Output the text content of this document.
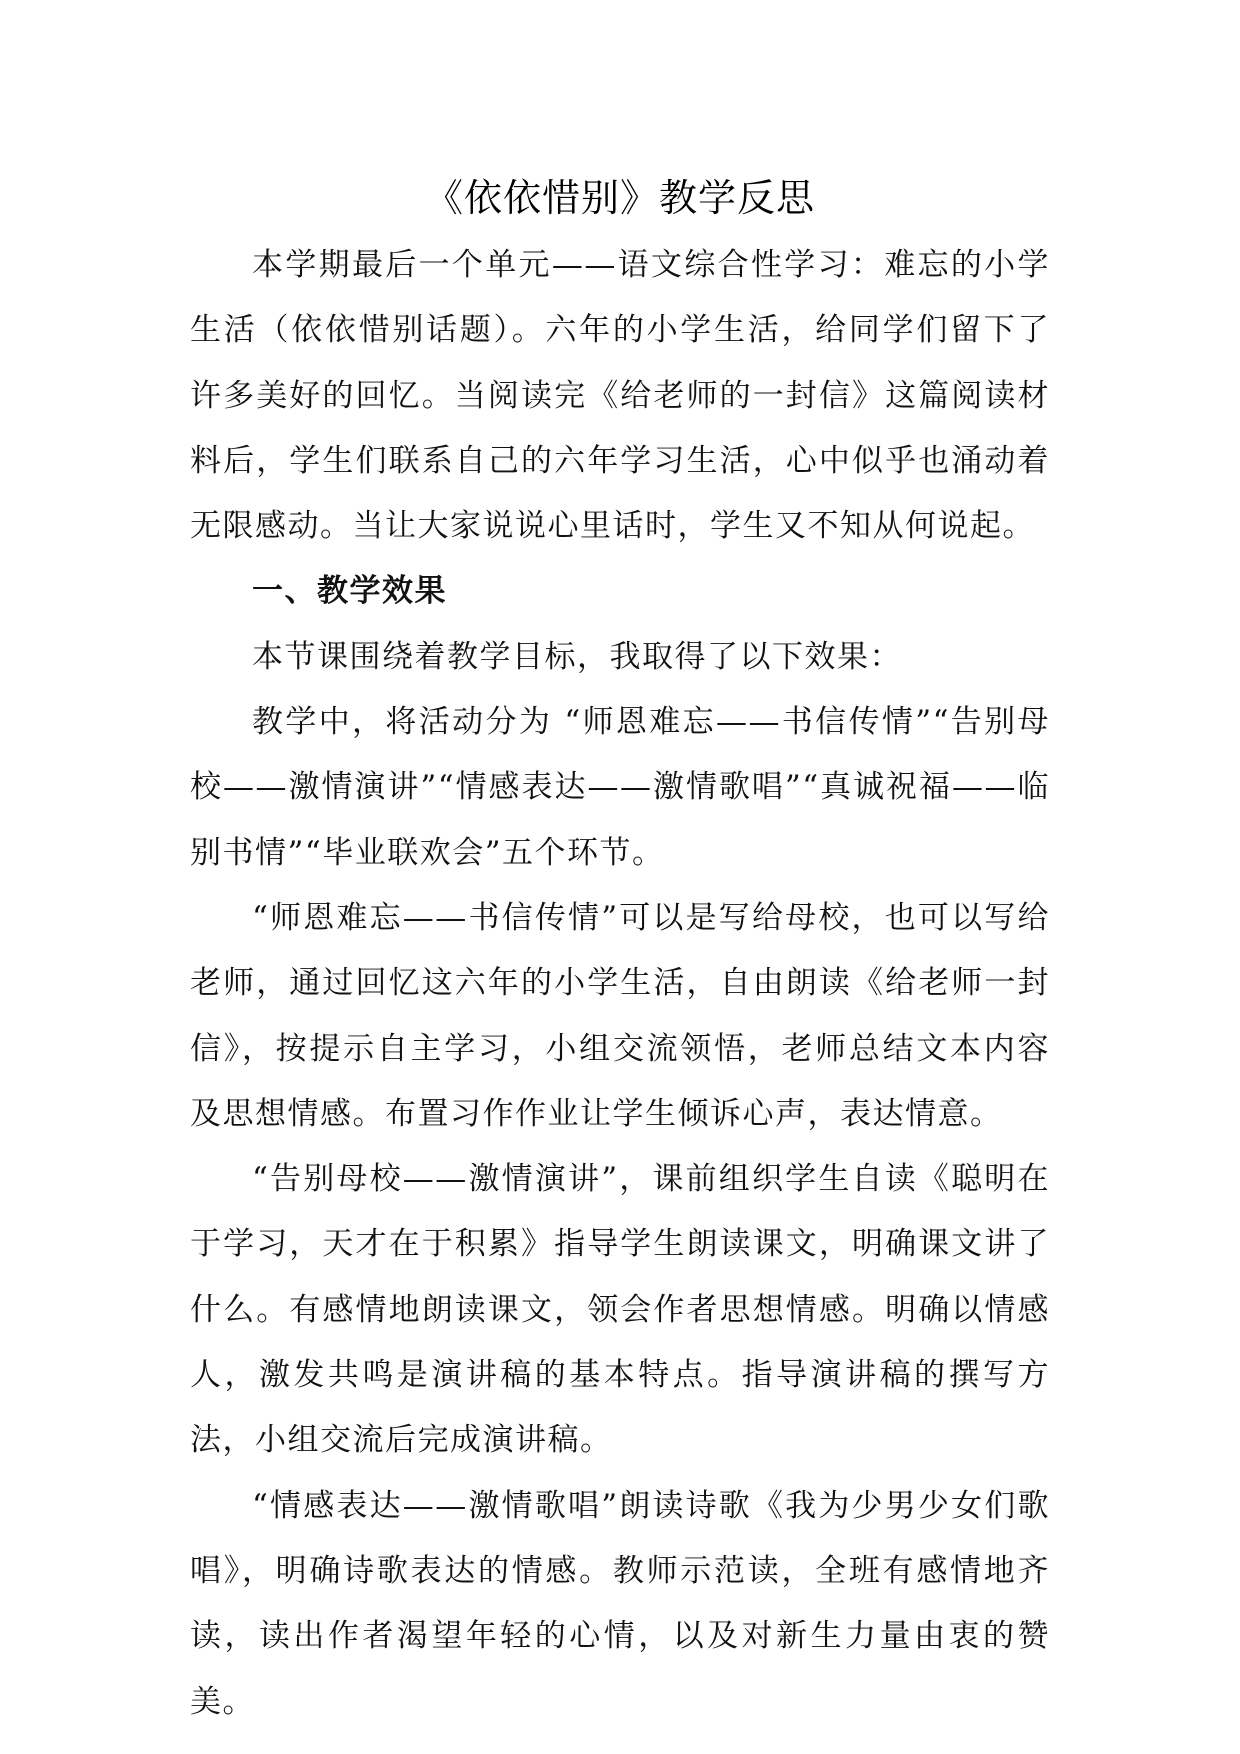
《依依惜别》教学反思

本学期最后一个单元——语文综合性学习：难忘的小学生活（依依惜别话题）。六年的小学生活，给同学们留下了许多美好的回忆。当阅读完《给老师的一封信》这篇阅读材料后，学生们联系自己的六年学习生活，心中似乎也涌动着无限感动。当让大家说说心里话时，学生又不知从何说起。

一、教学效果

本节课围绕着教学目标，我取得了以下效果：

教学中，将活动分为 “师恩难忘——书信传情”“告别母校——激情演讲”“情感表达——激情歌唱”“真诚祝福——临别书情”“毕业联欢会”五个环节。

“师恩难忘——书信传情”可以是写给母校，也可以写给老师，通过回忆这六年的小学生活，自由朗读《给老师一封信》，按提示自主学习，小组交流领悟，老师总结文本内容及思想情感。布置习作作业让学生倾诉心声，表达情意。

“告别母校——激情演讲”，课前组织学生自读《聪明在于学习，天才在于积累》指导学生朗读课文，明确课文讲了什么。有感情地朗读课文，领会作者思想情感。明确以情感人，激发共鸣是演讲稿的基本特点。指导演讲稿的撰写方法，小组交流后完成演讲稿。

“情感表达——激情歌唱”朗读诗歌《我为少男少女们歌唱》，明确诗歌表达的情感。教师示范读，全班有感情地齐读，读出作者渴望年轻的心情，以及对新生力量由衷的赞美。
